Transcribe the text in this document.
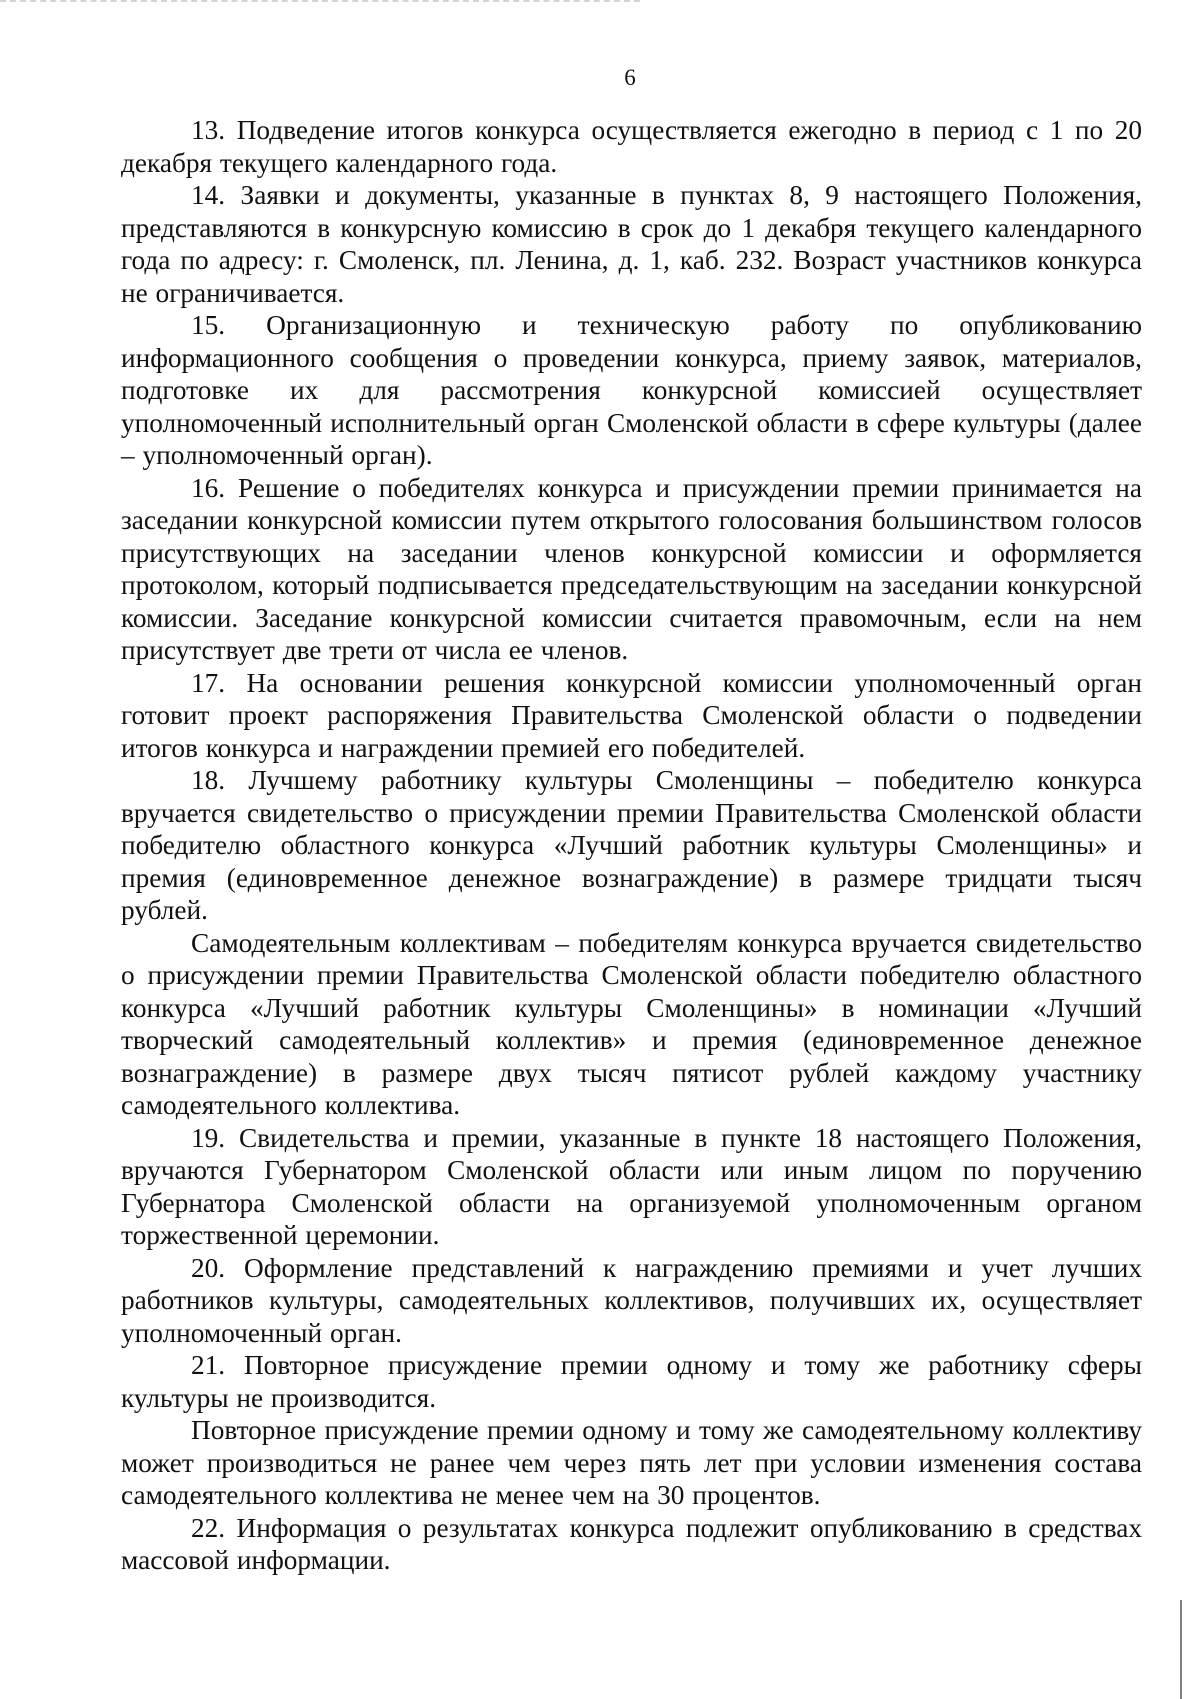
6

13. Подведение итогов конкурса осуществляется ежегодно в период с 1 по 20 декабря текущего календарного года.

14. Заявки и документы, указанные в пунктах 8, 9 настоящего Положения, представляются в конкурсную комиссию в срок до 1 декабря текущего календарного года по адресу: г. Смоленск, пл. Ленина, д. 1, каб. 232. Возраст участников конкурса не ограничивается.

15. Организационную и техническую работу по опубликованию информационного сообщения о проведении конкурса, приему заявок, материалов, подготовке их для рассмотрения конкурсной комиссией осуществляет уполномоченный исполнительный орган Смоленской области в сфере культуры (далее – уполномоченный орган).

16. Решение о победителях конкурса и присуждении премии принимается на заседании конкурсной комиссии путем открытого голосования большинством голосов присутствующих на заседании членов конкурсной комиссии и оформляется протоколом, который подписывается председательствующим на заседании конкурсной комиссии. Заседание конкурсной комиссии считается правомочным, если на нем присутствует две трети от числа ее членов.

17. На основании решения конкурсной комиссии уполномоченный орган готовит проект распоряжения Правительства Смоленской области о подведении итогов конкурса и награждении премией его победителей.

18. Лучшему работнику культуры Смоленщины – победителю конкурса вручается свидетельство о присуждении премии Правительства Смоленской области победителю областного конкурса «Лучший работник культуры Смоленщины» и премия (единовременное денежное вознаграждение) в размере тридцати тысяч рублей.

Самодеятельным коллективам – победителям конкурса вручается свидетельство о присуждении премии Правительства Смоленской области победителю областного конкурса «Лучший работник культуры Смоленщины» в номинации «Лучший творческий самодеятельный коллектив» и премия (единовременное денежное вознаграждение) в размере двух тысяч пятисот рублей каждому участнику самодеятельного коллектива.

19. Свидетельства и премии, указанные в пункте 18 настоящего Положения, вручаются Губернатором Смоленской области или иным лицом по поручению Губернатора Смоленской области на организуемой уполномоченным органом торжественной церемонии.

20. Оформление представлений к награждению премиями и учет лучших работников культуры, самодеятельных коллективов, получивших их, осуществляет уполномоченный орган.

21. Повторное присуждение премии одному и тому же работнику сферы культуры не производится.

Повторное присуждение премии одному и тому же самодеятельному коллективу может производиться не ранее чем через пять лет при условии изменения состава самодеятельного коллектива не менее чем на 30 процентов.

22. Информация о результатах конкурса подлежит опубликованию в средствах массовой информации.
